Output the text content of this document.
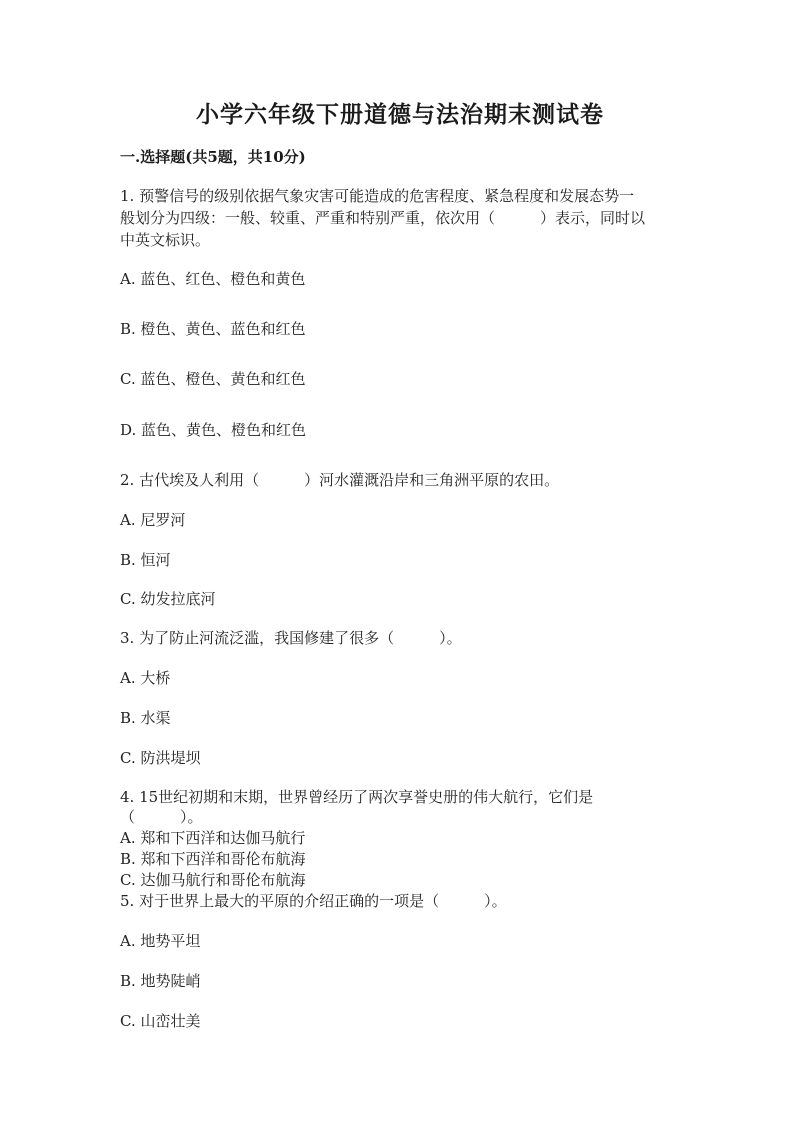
小学六年级下册道德与法治期末测试卷
一.选择题(共5题，共10分)
1. 预警信号的级别依据气象灾害可能造成的危害程度、紧急程度和发展态势一
般划分为四级：一般、较重、严重和特别严重，依次用（　　　）表示，同时以
中英文标识。
A. 蓝色、红色、橙色和黄色
B. 橙色、黄色、蓝色和红色
C. 蓝色、橙色、黄色和红色
D. 蓝色、黄色、橙色和红色
2. 古代埃及人利用（　　　）河水灌溉沿岸和三角洲平原的农田。
A. 尼罗河
B. 恒河
C. 幼发拉底河
3. 为了防止河流泛滥，我国修建了很多（　　　）。
A. 大桥
B. 水渠
C. 防洪堤坝
4. 15世纪初期和末期，世界曾经历了两次享誉史册的伟大航行，它们是
（　　　）。
A. 郑和下西洋和达伽马航行
B. 郑和下西洋和哥伦布航海
C. 达伽马航行和哥伦布航海
5. 对于世界上最大的平原的介绍正确的一项是（　　　）。
A. 地势平坦
B. 地势陡峭
C. 山峦壮美
